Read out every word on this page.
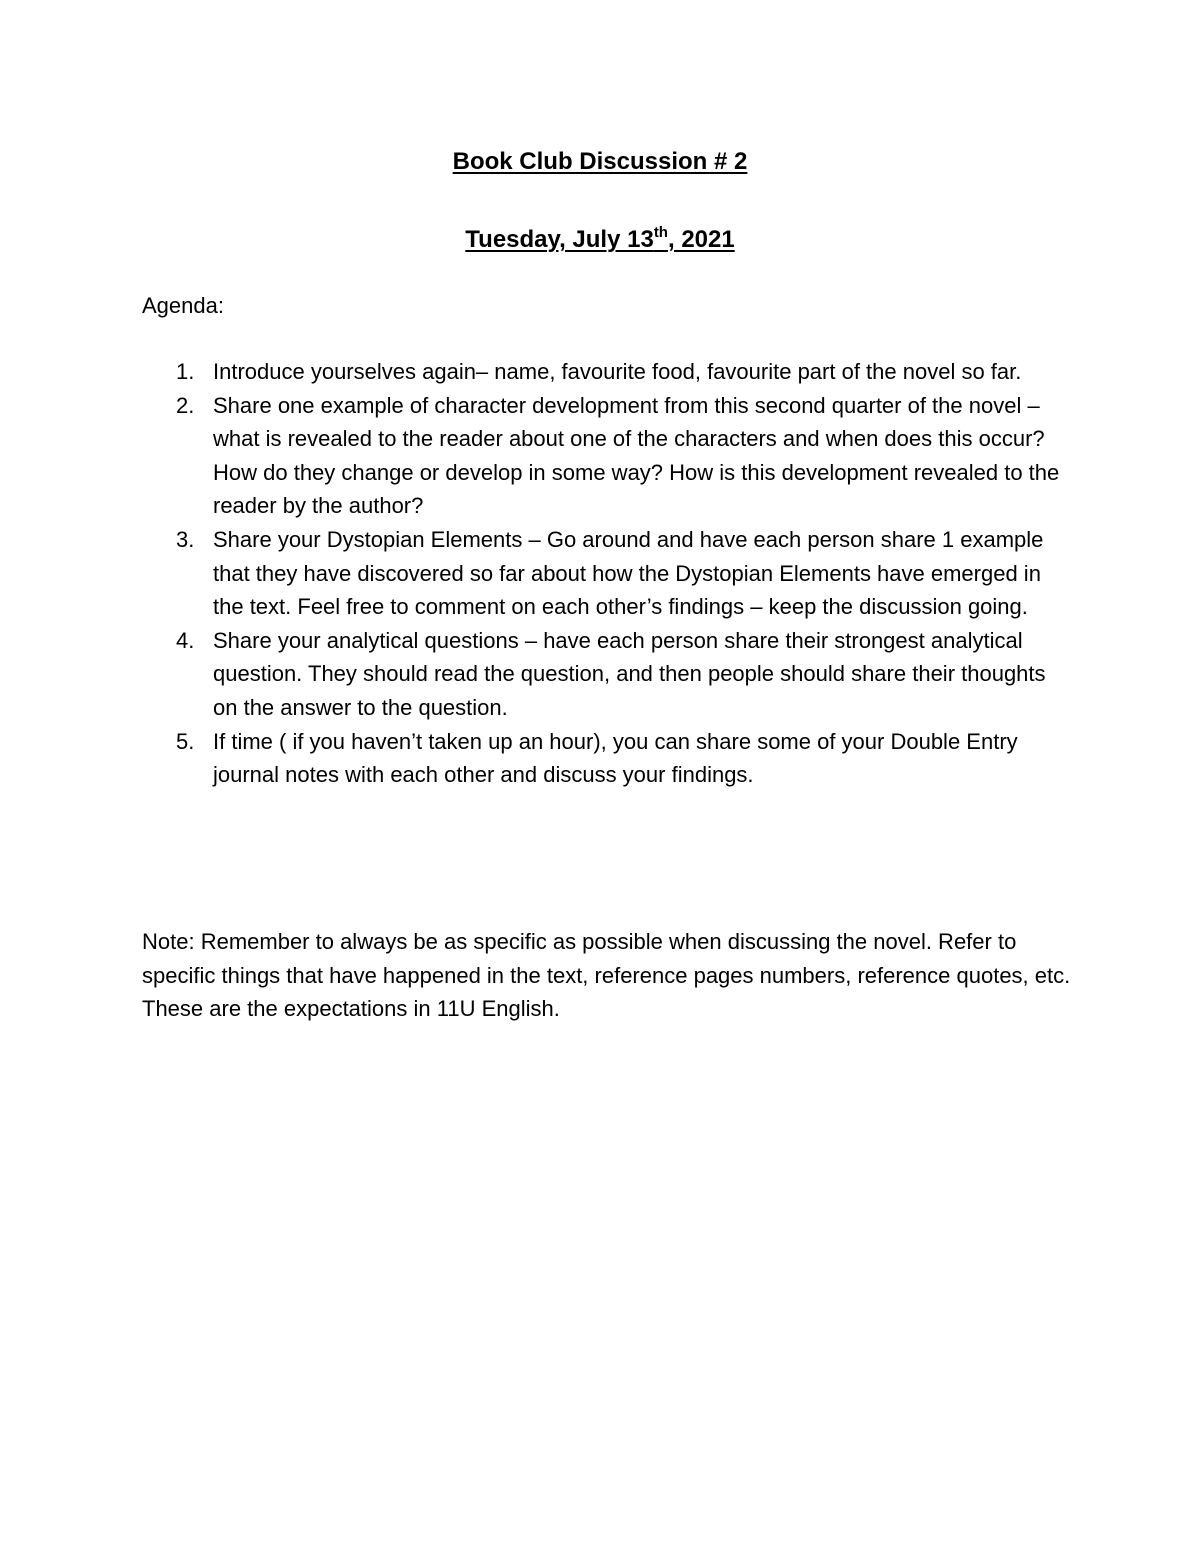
Book Club Discussion # 2
Tuesday, July 13th, 2021

Agenda:

1. Introduce yourselves again– name, favourite food, favourite part of the novel so far.
2. Share one example of character development from this second quarter of the novel – what is revealed to the reader about one of the characters and when does this occur? How do they change or develop in some way? How is this development revealed to the reader by the author?
3. Share your Dystopian Elements – Go around and have each person share 1 example that they have discovered so far about how the Dystopian Elements have emerged in the text. Feel free to comment on each other’s findings – keep the discussion going.
4. Share your analytical questions – have each person share their strongest analytical question. They should read the question, and then people should share their thoughts on the answer to the question.
5. If time ( if you haven’t taken up an hour), you can share some of your Double Entry journal notes with each other and discuss your findings.

Note: Remember to always be as specific as possible when discussing the novel. Refer to specific things that have happened in the text, reference pages numbers, reference quotes, etc. These are the expectations in 11U English.
